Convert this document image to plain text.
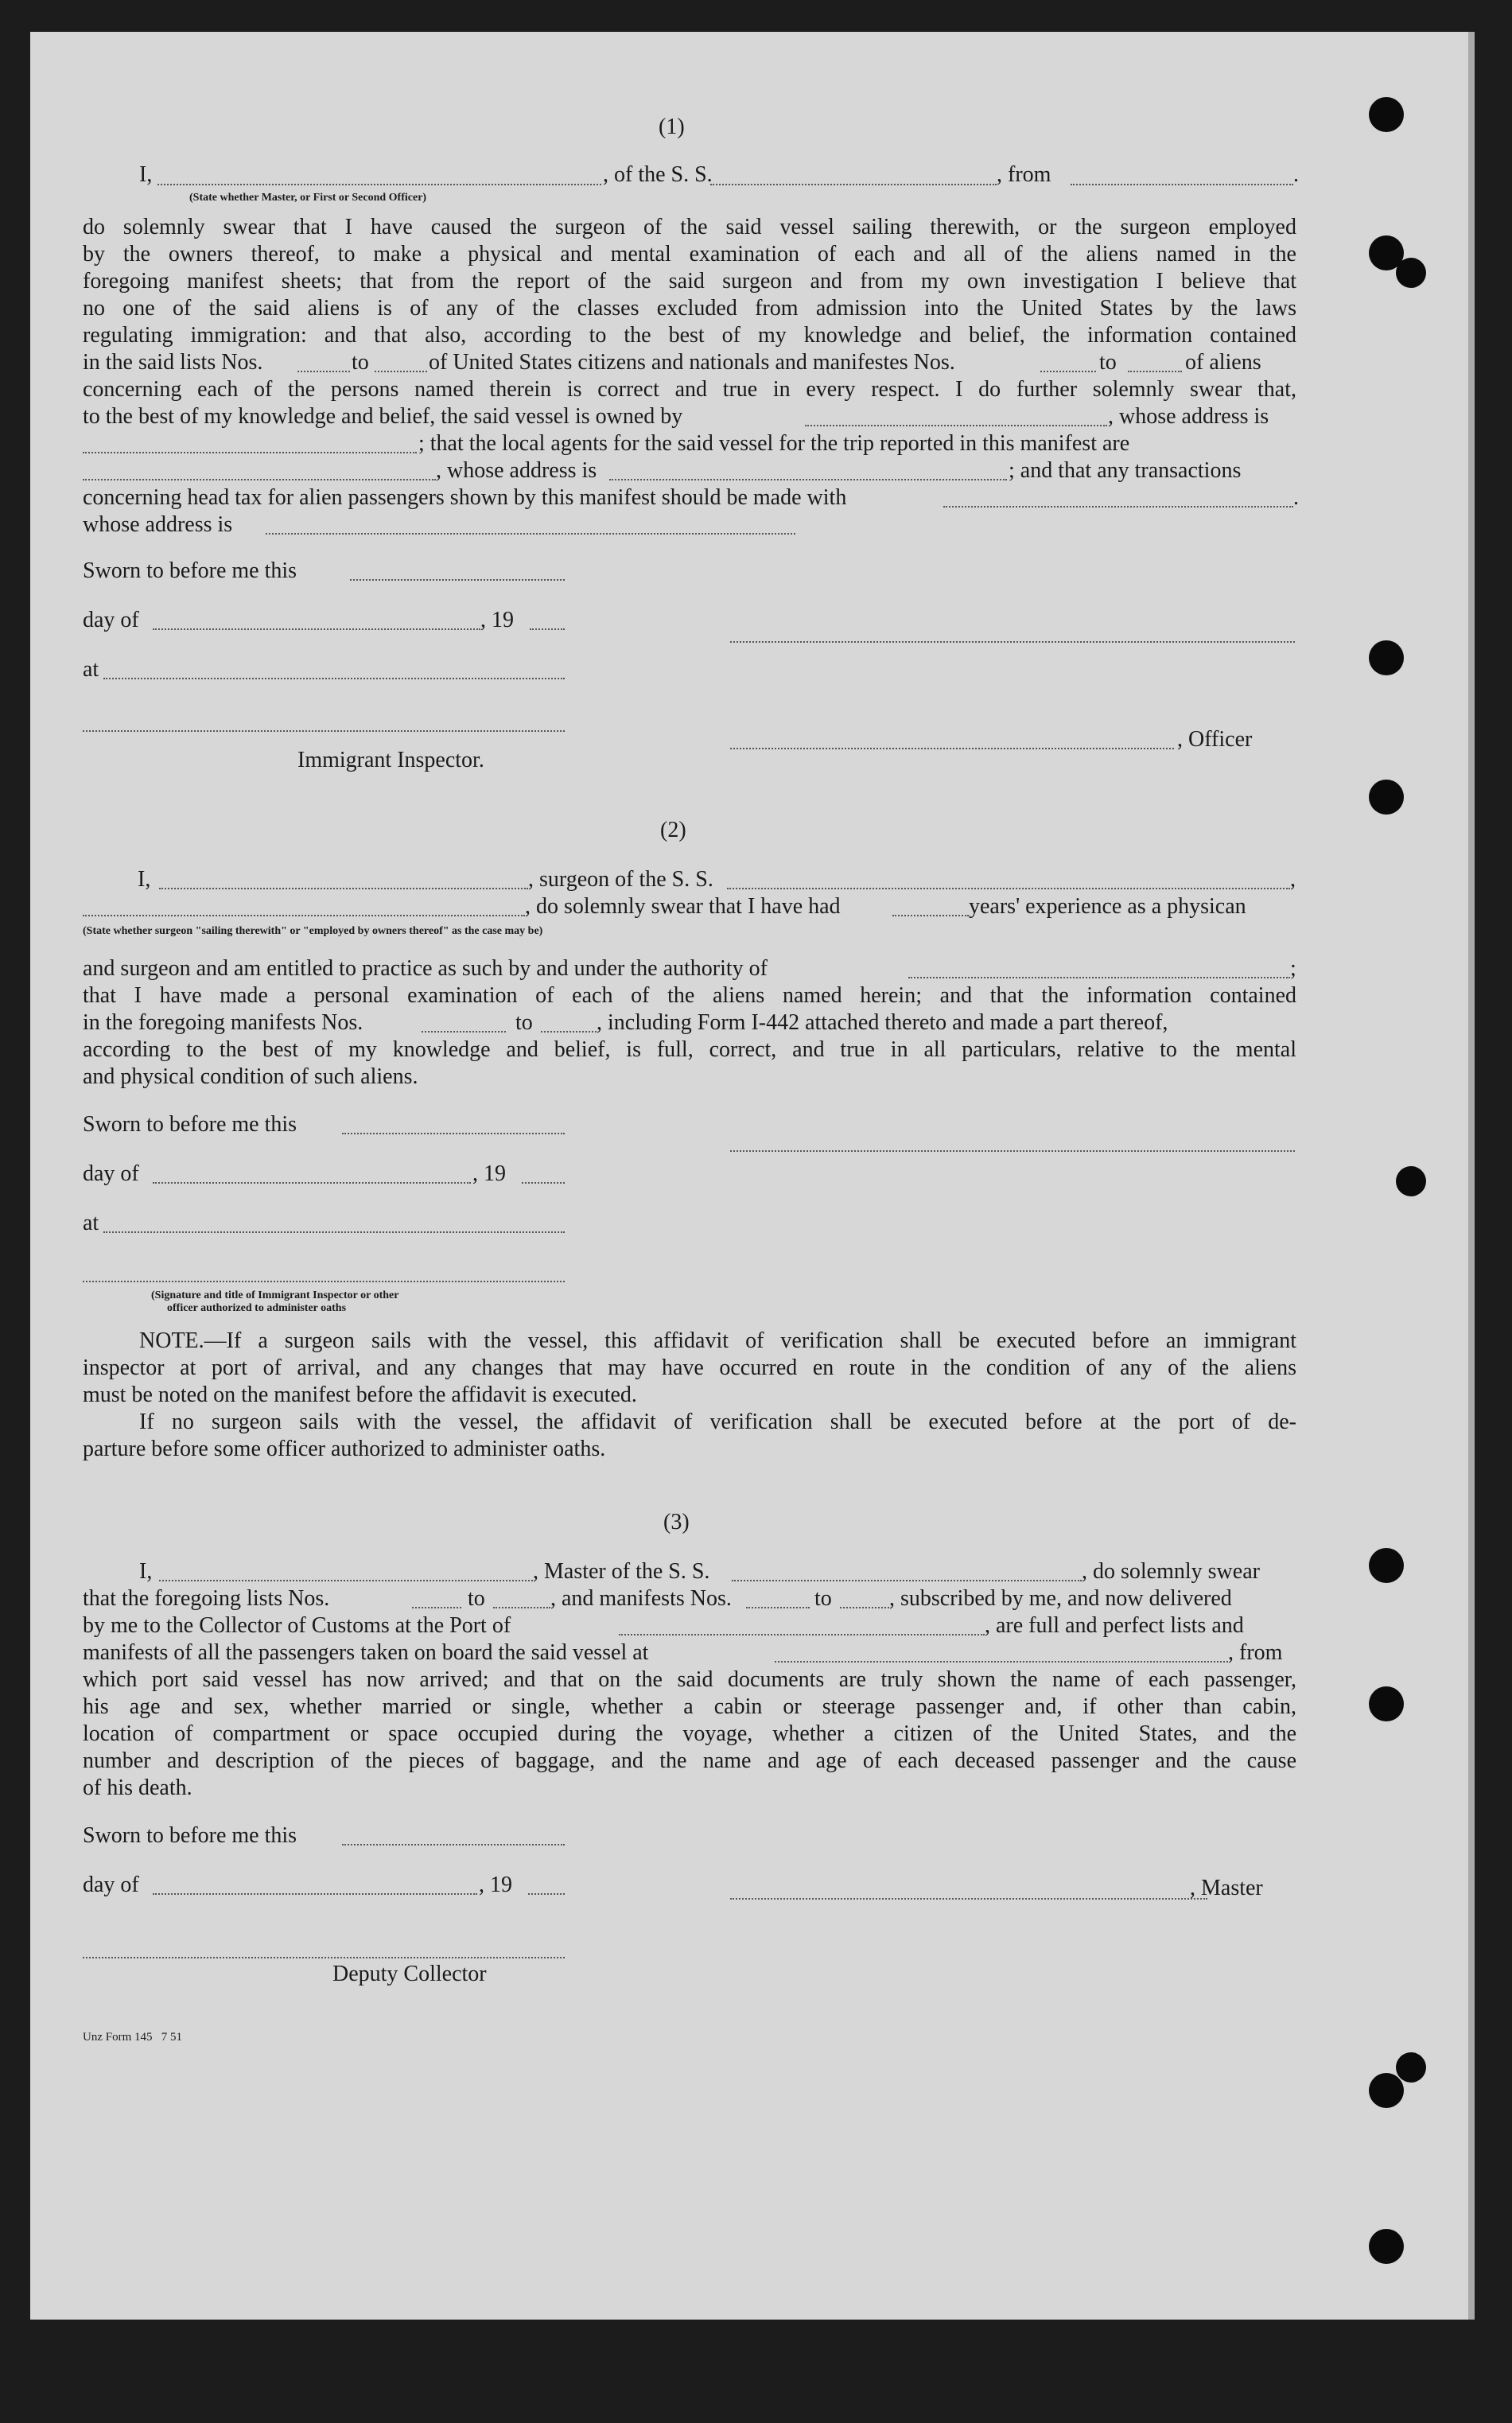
(1)
I,	, of the S. S.	, from	.
(State whether Master, or First or Second Officer)
do solemnly swear that I have caused the surgeon of the said vessel sailing therewith, or the surgeon employed
by the owners thereof, to make a physical and mental examination of each and all of the aliens named in the
foregoing manifest sheets; that from the report of the said surgeon and from my own investigation I believe that
no one of the said aliens is of any of the classes excluded from admission into the United States by the laws
regulating immigration: and that also, according to the best of my knowledge and belief, the information contained
in the said lists Nos.	to	of United States citizens and nationals and manifestes Nos.	to	of aliens
concerning each of the persons named therein is correct and true in every respect. I do further solemnly swear that,
to the best of my knowledge and belief, the said vessel is owned by	, whose address is
; that the local agents for the said vessel for the trip reported in this manifest are
, whose address is	; and that any transactions
concerning head tax for alien passengers shown by this manifest should be made with	.
whose address is
Sworn to before me this
day of	, 19
at
, Officer
Immigrant Inspector.
(2)
I,	, surgeon of the S. S.	,
, do solemnly swear that I have had	years' experience as a physican
(State whether surgeon "sailing therewith" or "employed by owners thereof" as the case may be)
and surgeon and am entitled to practice as such by and under the authority of	;
that I have made a personal examination of each of the aliens named herein; and that the information contained
in the foregoing manifests Nos.	to	, including Form I-442 attached thereto and made a part thereof,
according to the best of my knowledge and belief, is full, correct, and true in all particulars, relative to the mental
and physical condition of such aliens.
Sworn to before me this
day of	, 19
at
(Signature and title of Immigrant Inspector or other
officer authorized to administer oaths
NOTE.—If a surgeon sails with the vessel, this affidavit of verification shall be executed before an immigrant
inspector at port of arrival, and any changes that may have occurred en route in the condition of any of the aliens
must be noted on the manifest before the affidavit is executed.
If no surgeon sails with the vessel, the affidavit of verification shall be executed before at the port of de-
parture before some officer authorized to administer oaths.
(3)
I,	, Master of the S. S.	, do solemnly swear
that the foregoing lists Nos.	to	, and manifests Nos.	to	, subscribed by me, and now delivered
by me to the Collector of Customs at the Port of	, are full and perfect lists and
manifests of all the passengers taken on board the said vessel at	, from
which port said vessel has now arrived; and that on the said documents are truly shown the name of each passenger,
his age and sex, whether married or single, whether a cabin or steerage passenger and, if other than cabin,
location of compartment or space occupied during the voyage, whether a citizen of the United States, and the
number and description of the pieces of baggage, and the name and age of each deceased passenger and the cause
of his death.
Sworn to before me this
day of	, 19	, Master
Deputy Collector
Unz Form 145   7 51
